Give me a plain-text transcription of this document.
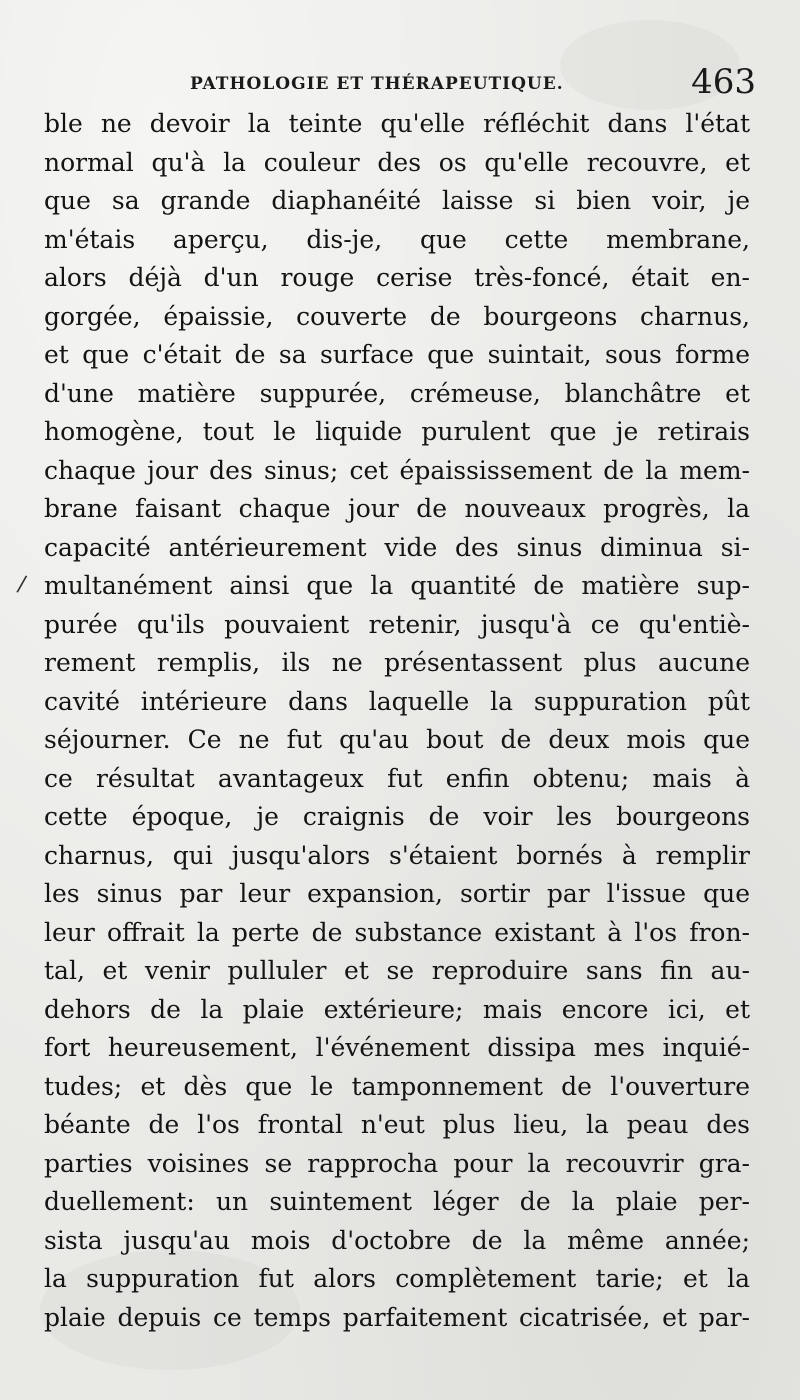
PATHOLOGIE ET THÉRAPEUTIQUE.	463
/
ble ne devoir la teinte qu'elle réfléchit dans l'état
normal qu'à la couleur des os qu'elle recouvre, et
que sa grande diaphanéité laisse si bien voir, je
m'étais aperçu, dis-je, que cette membrane,
alors déjà d'un rouge cerise très-foncé, était en-
gorgée, épaissie, couverte de bourgeons charnus,
et que c'était de sa surface que suintait, sous forme
d'une matière suppurée, crémeuse, blanchâtre et
homogène, tout le liquide purulent que je retirais
chaque jour des sinus; cet épaississement de la mem-
brane faisant chaque jour de nouveaux progrès, la
capacité antérieurement vide des sinus diminua si-
multanément ainsi que la quantité de matière sup-
purée qu'ils pouvaient retenir, jusqu'à ce qu'entiè-
rement remplis, ils ne présentassent plus aucune
cavité intérieure dans laquelle la suppuration pût
séjourner. Ce ne fut qu'au bout de deux mois que
ce résultat avantageux fut enfin obtenu; mais à
cette époque, je craignis de voir les bourgeons
charnus, qui jusqu'alors s'étaient bornés à remplir
les sinus par leur expansion, sortir par l'issue que
leur offrait la perte de substance existant à l'os fron-
tal, et venir pulluler et se reproduire sans fin au-
dehors de la plaie extérieure; mais encore ici, et
fort heureusement, l'événement dissipa mes inquié-
tudes; et dès que le tamponnement de l'ouverture
béante de l'os frontal n'eut plus lieu, la peau des
parties voisines se rapprocha pour la recouvrir gra-
duellement: un suintement léger de la plaie per-
sista jusqu'au mois d'octobre de la même année;
la suppuration fut alors complètement tarie; et la
plaie depuis ce temps parfaitement cicatrisée, et par-
